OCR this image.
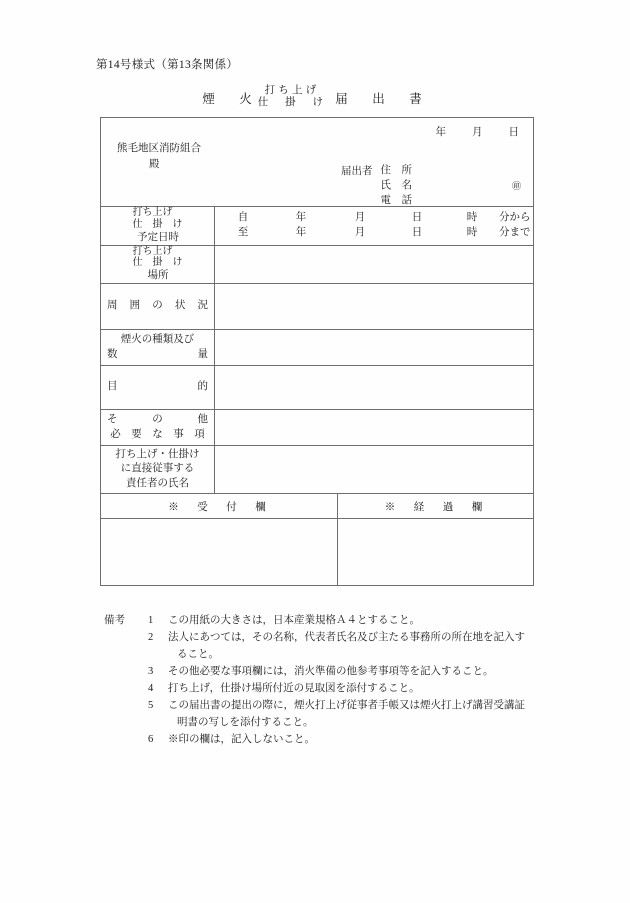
第14号様式（第13条関係）
煙　火
打ち上げ
仕　掛　け 届　出　書
年 月 日
熊毛地区消防組合
殿
届出者 住　所
氏　名
電　話
㊞
打ち上げ
仕　掛　け
予定日時
自	年	月	日	時	分から
至	年	月	日	時	分まで
打ち上げ
仕　掛　け
場 所
周 囲 の 状 況
煙火の種類及び
数	量
目	的
そ	の	他
必　要　な　事　項
打ち上げ・仕掛け
に直接従事する
責任者の氏名
※　受　付　欄	※　経　過　欄
備考 1	この用紙の大きさは，日本産業規格Ａ４とすること。
2	法人にあつては，その名称，代表者氏名及び主たる事務所の所在地を記入す
ること。
3	その他必要な事項欄には，消火準備の他参考事項等を記入すること。
4	打ち上げ，仕掛け場所付近の見取図を添付すること。
5	この届出書の提出の際に，煙火打上げ従事者手帳又は煙火打上げ講習受講証
明書の写しを添付すること。
6	※印の欄は，記入しないこと。
